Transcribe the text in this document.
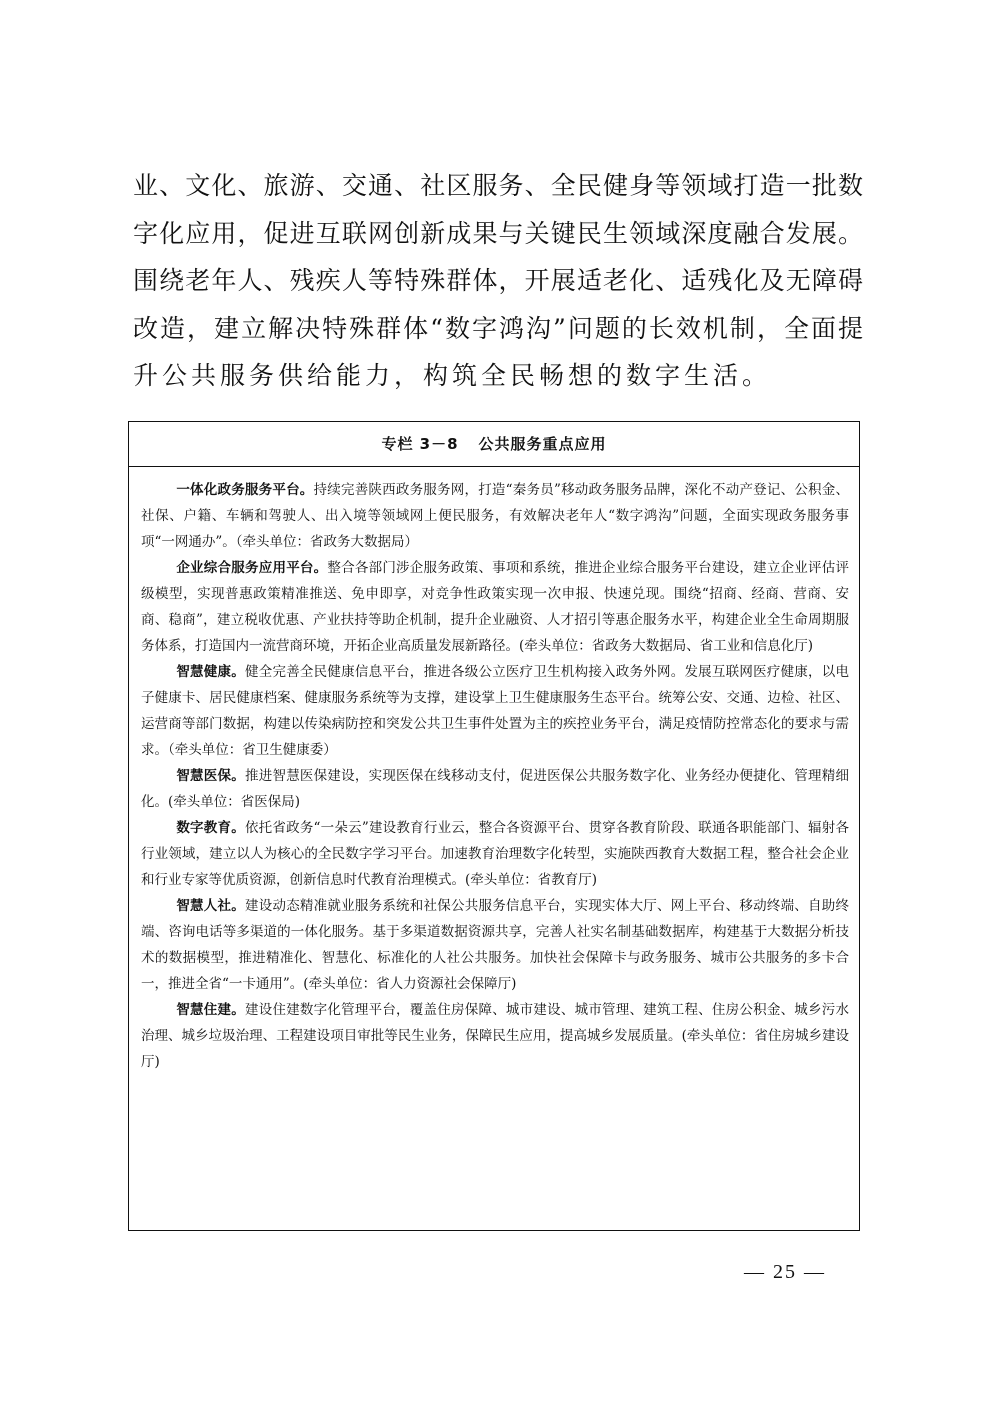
业、文化、旅游、交通、社区服务、全民健身等领域打造一批数
字化应用，促进互联网创新成果与关键民生领域深度融合发展。
围绕老年人、残疾人等特殊群体，开展适老化、适残化及无障碍
改造，建立解决特殊群体“数字鸿沟”问题的长效机制，全面提
升公共服务供给能力，构筑全民畅想的数字生活。
专栏 3－8 公共服务重点应用

一体化政务服务平台。持续完善陕西政务服务网，打造“秦务员”移动政务服务品牌，深化不动产登记、公积金、社保、户籍、车辆和驾驶人、出入境等领域网上便民服务，有效解决老年人“数字鸿沟”问题，全面实现政务服务事项“一网通办”。（牵头单位：省政务大数据局）

企业综合服务应用平台。整合各部门涉企服务政策、事项和系统，推进企业综合服务平台建设，建立企业评估评级模型，实现普惠政策精准推送、免申即享，对竞争性政策实现一次申报、快速兑现。围绕“招商、经商、营商、安商、稳商”，建立税收优惠、产业扶持等助企机制，提升企业融资、人才招引等惠企服务水平，构建企业全生命周期服务体系，打造国内一流营商环境，开拓企业高质量发展新路径。(牵头单位：省政务大数据局、省工业和信息化厅)

智慧健康。健全完善全民健康信息平台，推进各级公立医疗卫生机构接入政务外网。发展互联网医疗健康，以电子健康卡、居民健康档案、健康服务系统等为支撑，建设掌上卫生健康服务生态平台。统筹公安、交通、边检、社区、运营商等部门数据，构建以传染病防控和突发公共卫生事件处置为主的疾控业务平台，满足疫情防控常态化的要求与需求。（牵头单位：省卫生健康委）

智慧医保。推进智慧医保建设，实现医保在线移动支付，促进医保公共服务数字化、业务经办便捷化、管理精细化。(牵头单位：省医保局)

数字教育。依托省政务“一朵云”建设教育行业云，整合各资源平台、贯穿各教育阶段、联通各职能部门、辐射各行业领域，建立以人为核心的全民数字学习平台。加速教育治理数字化转型，实施陕西教育大数据工程，整合社会企业和行业专家等优质资源，创新信息时代教育治理模式。(牵头单位：省教育厅)

智慧人社。建设动态精准就业服务系统和社保公共服务信息平台，实现实体大厅、网上平台、移动终端、自助终端、咨询电话等多渠道的一体化服务。基于多渠道数据资源共享，完善人社实名制基础数据库，构建基于大数据分析技术的数据模型，推进精准化、智慧化、标准化的人社公共服务。加快社会保障卡与政务服务、城市公共服务的多卡合一，推进全省“一卡通用”。(牵头单位：省人力资源社会保障厅)

智慧住建。建设住建数字化管理平台，覆盖住房保障、城市建设、城市管理、建筑工程、住房公积金、城乡污水治理、城乡垃圾治理、工程建设项目审批等民生业务，保障民生应用，提高城乡发展质量。(牵头单位：省住房城乡建设厅)

— 25 —
